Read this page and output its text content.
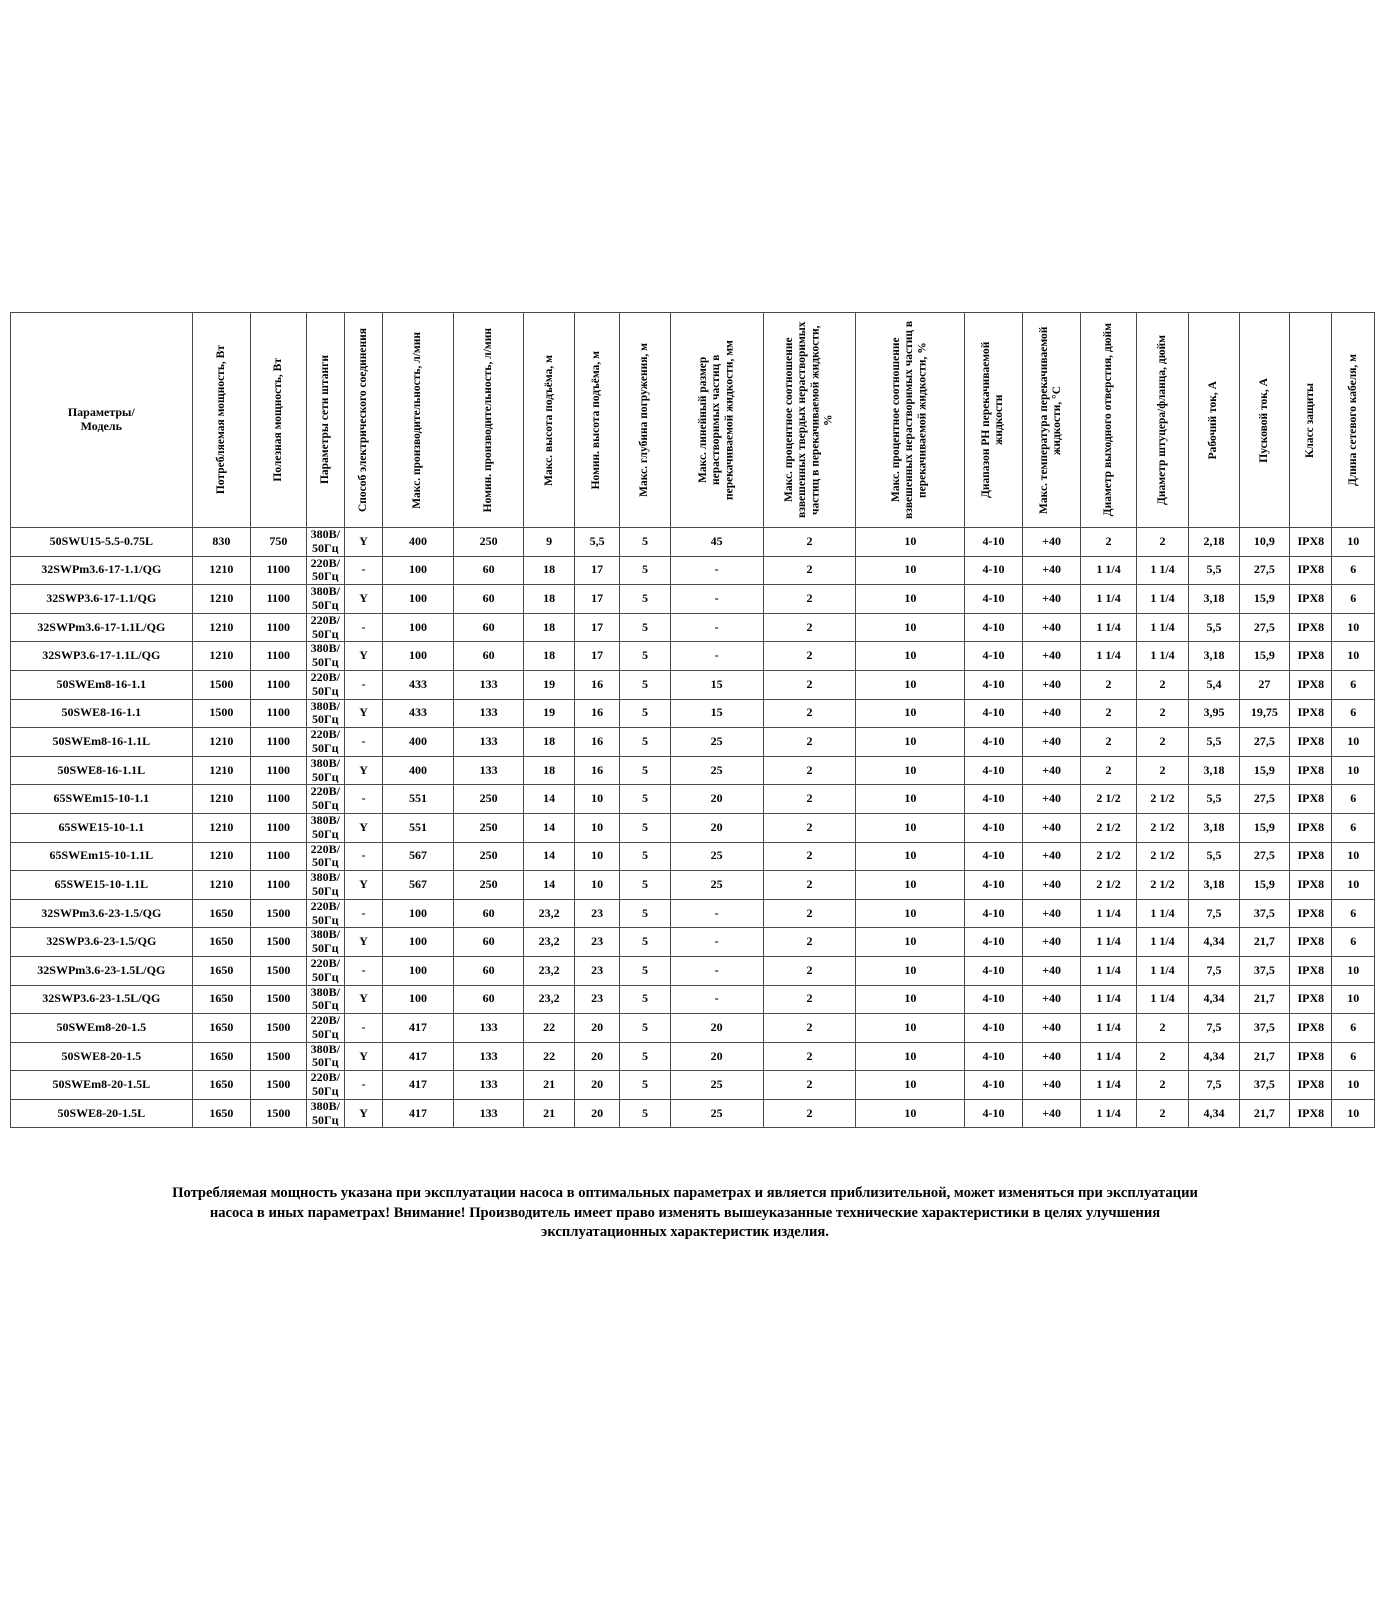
Параметры/
Модель	Потребляемая мощность, Вт	Полезная мощность, Вт	Параметры сети штанги	Способ электрического соединения	Макс. производительность, л/мин	Номин. производительность, л/мин	Макс. высота подъёма, м	Номин. высота подъёма, м	Макс. глубина погружения, м	Макс. линейный размер нерастворимых частиц в перекачиваемой жидкости, мм	Макс. процентное соотношение взвешенных твердых нерастворимых частиц в перекачиваемой жидкости, %	Макс. процентное соотношение взвешенных нерастворимых частиц в перекачиваемой жидкости, %	Диапазон РН перекачиваемой жидкости	Макс. температура перекачиваемой жидкости, °С	Диаметр выходного отверстия, дюйм	Диаметр штуцера/фланца, дюйм	Рабочий ток, А	Пусковой ток, А	Класс защиты	Длина сетевого кабеля, м

50SWU15-5.5-0.75L	830	750	380В/
50Гц	Y	400	250	9	5,5	5	45	2	10	4-10	+40	2	2	2,18	10,9	IPX8	10
32SWPm3.6-17-1.1/QG	1210	1100	220В/
50Гц	-	100	60	18	17	5	-	2	10	4-10	+40	1 1/4	1 1/4	5,5	27,5	IPX8	6
32SWP3.6-17-1.1/QG	1210	1100	380В/
50Гц	Y	100	60	18	17	5	-	2	10	4-10	+40	1 1/4	1 1/4	3,18	15,9	IPX8	6
32SWPm3.6-17-1.1L/QG	1210	1100	220В/
50Гц	-	100	60	18	17	5	-	2	10	4-10	+40	1 1/4	1 1/4	5,5	27,5	IPX8	10
32SWP3.6-17-1.1L/QG	1210	1100	380В/
50Гц	Y	100	60	18	17	5	-	2	10	4-10	+40	1 1/4	1 1/4	3,18	15,9	IPX8	10
50SWEm8-16-1.1	1500	1100	220В/
50Гц	-	433	133	19	16	5	15	2	10	4-10	+40	2	2	5,4	27	IPX8	6
50SWE8-16-1.1	1500	1100	380В/
50Гц	Y	433	133	19	16	5	15	2	10	4-10	+40	2	2	3,95	19,75	IPX8	6
50SWEm8-16-1.1L	1210	1100	220В/
50Гц	-	400	133	18	16	5	25	2	10	4-10	+40	2	2	5,5	27,5	IPX8	10
50SWE8-16-1.1L	1210	1100	380В/
50Гц	Y	400	133	18	16	5	25	2	10	4-10	+40	2	2	3,18	15,9	IPX8	10
65SWEm15-10-1.1	1210	1100	220В/
50Гц	-	551	250	14	10	5	20	2	10	4-10	+40	2 1/2	2 1/2	5,5	27,5	IPX8	6
65SWE15-10-1.1	1210	1100	380В/
50Гц	Y	551	250	14	10	5	20	2	10	4-10	+40	2 1/2	2 1/2	3,18	15,9	IPX8	6
65SWEm15-10-1.1L	1210	1100	220В/
50Гц	-	567	250	14	10	5	25	2	10	4-10	+40	2 1/2	2 1/2	5,5	27,5	IPX8	10
65SWE15-10-1.1L	1210	1100	380В/
50Гц	Y	567	250	14	10	5	25	2	10	4-10	+40	2 1/2	2 1/2	3,18	15,9	IPX8	10
32SWPm3.6-23-1.5/QG	1650	1500	220В/
50Гц	-	100	60	23,2	23	5	-	2	10	4-10	+40	1 1/4	1 1/4	7,5	37,5	IPX8	6
32SWP3.6-23-1.5/QG	1650	1500	380В/
50Гц	Y	100	60	23,2	23	5	-	2	10	4-10	+40	1 1/4	1 1/4	4,34	21,7	IPX8	6
32SWPm3.6-23-1.5L/QG	1650	1500	220В/
50Гц	-	100	60	23,2	23	5	-	2	10	4-10	+40	1 1/4	1 1/4	7,5	37,5	IPX8	10
32SWP3.6-23-1.5L/QG	1650	1500	380В/
50Гц	Y	100	60	23,2	23	5	-	2	10	4-10	+40	1 1/4	1 1/4	4,34	21,7	IPX8	10
50SWEm8-20-1.5	1650	1500	220В/
50Гц	-	417	133	22	20	5	20	2	10	4-10	+40	1 1/4	2	7,5	37,5	IPX8	6
50SWE8-20-1.5	1650	1500	380В/
50Гц	Y	417	133	22	20	5	20	2	10	4-10	+40	1 1/4	2	4,34	21,7	IPX8	6
50SWEm8-20-1.5L	1650	1500	220В/
50Гц	-	417	133	21	20	5	25	2	10	4-10	+40	1 1/4	2	7,5	37,5	IPX8	10
50SWE8-20-1.5L	1650	1500	380В/
50Гц	Y	417	133	21	20	5	25	2	10	4-10	+40	1 1/4	2	4,34	21,7	IPX8	10
Потребляемая мощность указана при эксплуатации насоса в оптимальных параметрах и является приблизительной, может изменяться при эксплуатации насоса в иных параметрах! Внимание! Производитель имеет право изменять вышеуказанные технические характеристики в целях улучшения эксплуатационных характеристик изделия.
